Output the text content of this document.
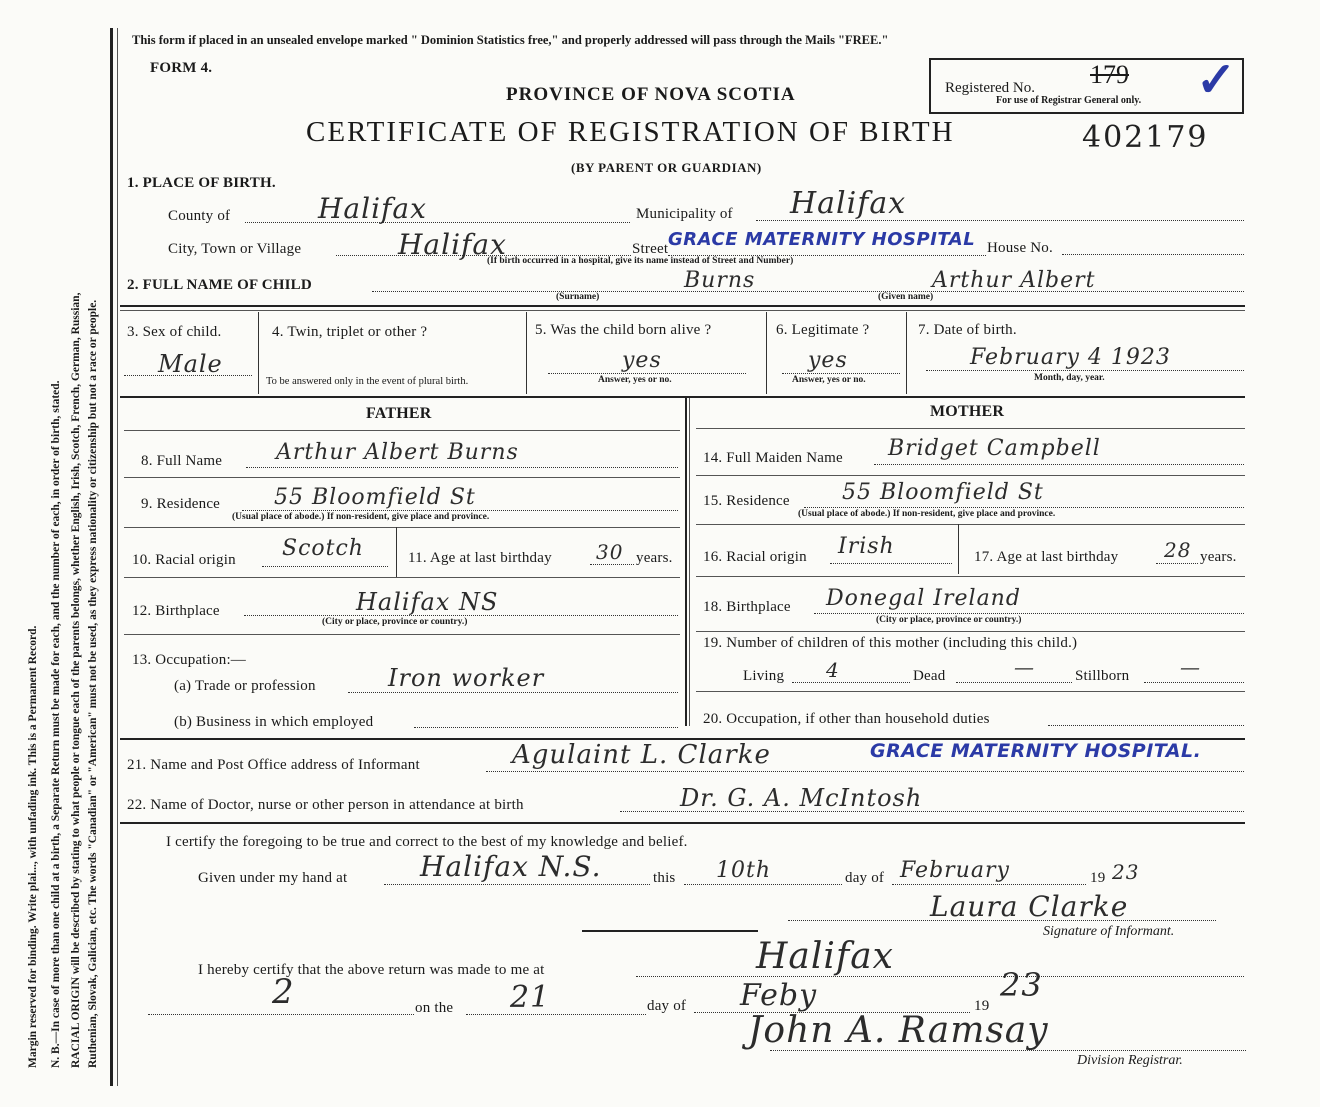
Margin reserved for binding. Write plai..., with unfading ink. This is a Permanent Record. N. B.—In case of more than one child at a birth, a Separate Return must be made for each, and the number of each, in order of birth, stated. RACIAL ORIGIN will be described by stating to what people or tongue each of the parents belongs, whether English, Irish, Scotch, French, German, Russian, Ruthenian, Slovak, Galician, etc. The words "Canadian" or "American" must not be used, as they express nationality or citizenship but not a race or people.
This form if placed in an unsealed envelope marked " Dominion Statistics free," and properly addressed will pass through the Mails "FREE."
FORM 4.
PROVINCE OF NOVA SCOTIA
CERTIFICATE OF REGISTRATION OF BIRTH	402179
(BY PARENT OR GUARDIAN)
Registered No. 179
For use of Registrar General only. ✓
1. PLACE OF BIRTH.
County of	Halifax	Municipality of Halifax
City, Town or Village	Halifax	Street GRACE MATERNITY HOSPITAL House No.
(If birth occurred in a hospital, give its name instead of Street and Number)
2. FULL NAME OF CHILD	Burns	Arthur Albert
(Surname)	(Given name)
3. Sex of child.
Male
4. Twin, triplet or other ?
To be answered only in the event of plural birth.
5. Was the child born alive ?
yes
Answer, yes or no.
6. Legitimate ?
yes
Answer, yes or no.
7. Date of birth.
February 4 1923
Month, day, year.
FATHER
8. Full Name Arthur Albert Burns
9. Residence 55 Bloomfield St
(Usual place of abode.) If non-resident, give place and province.
10. Racial origin Scotch	11. Age at last birthday 30 years.
12. Birthplace	Halifax NS
(City or place, province or country.)
13. Occupation:—
(a) Trade or profession	Iron worker
(b) Business in which employed
MOTHER
14. Full Maiden Name Bridget Campbell
15. Residence 55 Bloomfield St
(Usual place of abode.) If non-resident, give place and province.
16. Racial origin Irish	17. Age at last birthday 28 years.
18. Birthplace Donegal Ireland
(City or place, province or country.)
19. Number of children of this mother (including this child.)
Living 4	Dead	—	Stillborn	—
20. Occupation, if other than household duties
21. Name and Post Office address of Informant	Agulaint L. Clarke	GRACE MATERNITY HOSPITAL.
22. Name of Doctor, nurse or other person in attendance at birth	Dr. G. A. McIntosh
I certify the foregoing to be true and correct to the best of my knowledge and belief.
Given under my hand at	Halifax N.S.	this 10th	day of February	19 23
Laura Clarke
Signature of Informant.
I hereby certify that the above return was made to me at	Halifax
2	on the 21	day of Feby	19
23
John A. Ramsay
Division Registrar.
